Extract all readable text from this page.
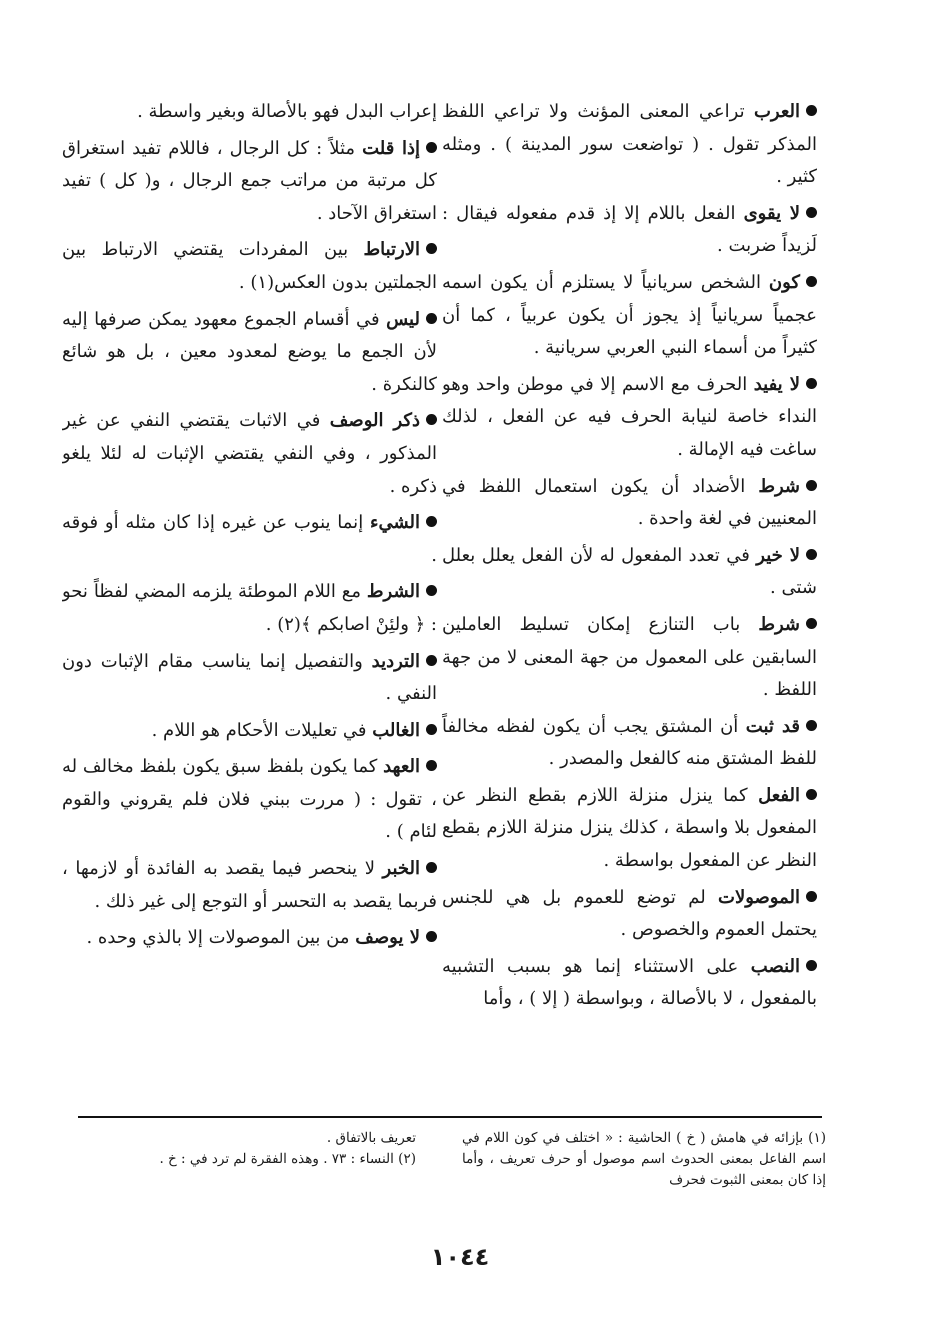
العرب تراعي المعنى المؤنث ولا تراعي اللفظ المذكر تقول . ( تواضعت سور المدينة ) . ومثله كثير .

لا يقوى الفعل باللام إلا إذ قدم مفعوله فيقال : لَزيداً ضربت .

كون الشخص سريانياً لا يستلزم أن يكون اسمه عجمياً سريانياً إذ يجوز أن يكون عربياً ، كما أن كثيراً من أسماء النبي العربي سريانية .

لا يفيد الحرف مع الاسم إلا في موطن واحد وهو النداء خاصة لنيابة الحرف فيه عن الفعل ، لذلك ساغت فيه الإمالة .

شرط الأضداد أن يكون استعمال اللفظ في المعنيين في لغة واحدة .

لا خير في تعدد المفعول له لأن الفعل يعلل بعلل شتى .

شرط باب التنازع إمكان تسليط العاملين السابقين على المعمول من جهة المعنى لا من جهة اللفظ .

قد ثبت أن المشتق يجب أن يكون لفظه مخالفاً للفظ المشتق منه كالفعل والمصدر .

الفعل كما ينزل منزلة اللازم بقطع النظر عن المفعول بلا واسطة ، كذلك ينزل منزلة اللازم بقطع النظر عن المفعول بواسطة .

الموصولات لم توضع للعموم بل هي للجنس يحتمل العموم والخصوص .

النصب على الاستثناء إنما هو بسبب التشبيه بالمفعول ، لا بالأصالة ، وبواسطة ( إلا ) ، وأما

إعراب البدل فهو بالأصالة وبغير واسطة .

إذا قلت مثلاً : كل الرجال ، فاللام تفيد استغراق كل مرتبة من مراتب جمع الرجال ، و( كل ) تفيد استغراق الآحاد .

الارتباط بين المفردات يقتضي الارتباط بين الجملتين بدون العكس(١) .

ليس في أقسام الجموع معهود يمكن صرفها إليه لأن الجمع ما يوضع لمعدود معين ، بل هو شائع كالنكرة .

ذكر الوصف في الاثبات يقتضي النفي عن غير المذكور ، وفي النفي يقتضي الإثبات له لئلا يلغو ذكره .

الشيء إنما ينوب عن غيره إذا كان مثله أو فوقه .

الشرط مع اللام الموطئة يلزمه المضي لفظاً نحو : ﴿ ولئِنْ اصابكم ﴾(٢) .

الترديد والتفصيل إنما يناسب مقام الإثبات دون النفي .

الغالب في تعليلات الأحكام هو اللام .

العهد كما يكون بلفظ سبق يكون بلفظ مخالف له ، تقول : ( مررت ببني فلان فلم يقروني والقوم لئام ) .

الخبر لا ينحصر فيما يقصد به الفائدة أو لازمها ، فربما يقصد به التحسر أو التوجع إلى غير ذلك .

لا يوصف من بين الموصولات إلا بالذي وحده .

(١) بإزائه في هامش ( خ ) الحاشية : « اختلف في كون اللام في اسم الفاعل بمعنى الحدوث اسم موصول أو حرف تعريف ، وأما إذا كان بمعنى الثبوت فحرف

تعريف بالاتفاق .

(٢) النساء : ٧٣ . وهذه الفقرة لم ترد في : خ .

١٠٤٤
